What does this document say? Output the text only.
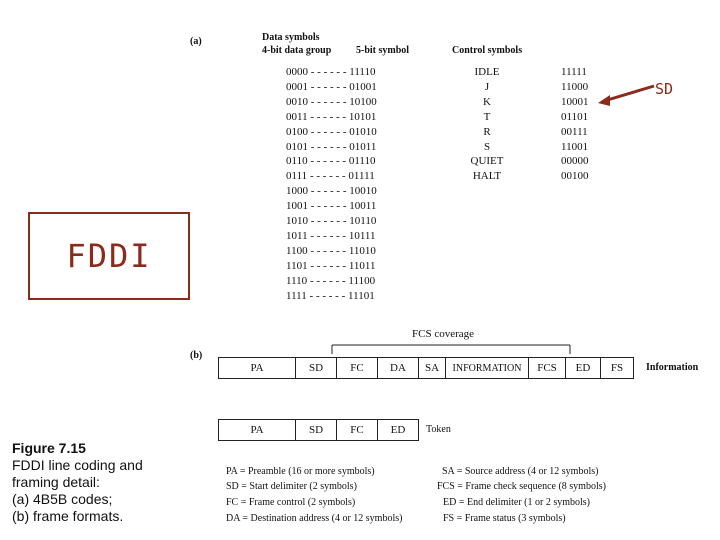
(a)	Data symbols
4-bit data group 5-bit symbol	Control symbols
0000 - - - - - - 11110
0001 - - - - - - 01001
0010 - - - - - - 10100
0011 - - - - - - 10101
0100 - - - - - - 01010
0101 - - - - - - 01011
0110 - - - - - - 01110
0111 - - - - - - 01111
1000 - - - - - - 10010
1001 - - - - - - 10011
1010 - - - - - - 10110
1011 - - - - - - 10111
1100 - - - - - - 11010
1101 - - - - - - 11011
1110 - - - - - - 11100
1111 - - - - - - 11101
IDLE	11111
J	11000
K	10001
T	01101
R	00111
S	11001
QUIET	00000
HALT	00100
SD
FDDI
(b)
FCS coverage
PA	SD	FC	DA	SA	INFORMATION	FCS	ED	FS	Information
PA	SD	FC	ED	Token
PA = Preamble (16 or more symbols)
SD = Start delimiter (2 symbols)
FC = Frame control (2 symbols)
DA = Destination address (4 or 12 symbols)
SA = Source address (4 or 12 symbols)
FCS = Frame check sequence (8 symbols)
ED = End delimiter (1 or 2 symbols)
FS = Frame status (3 symbols)
Figure 7.15
FDDI line coding and
framing detail:
(a) 4B5B codes;
(b) frame formats.
